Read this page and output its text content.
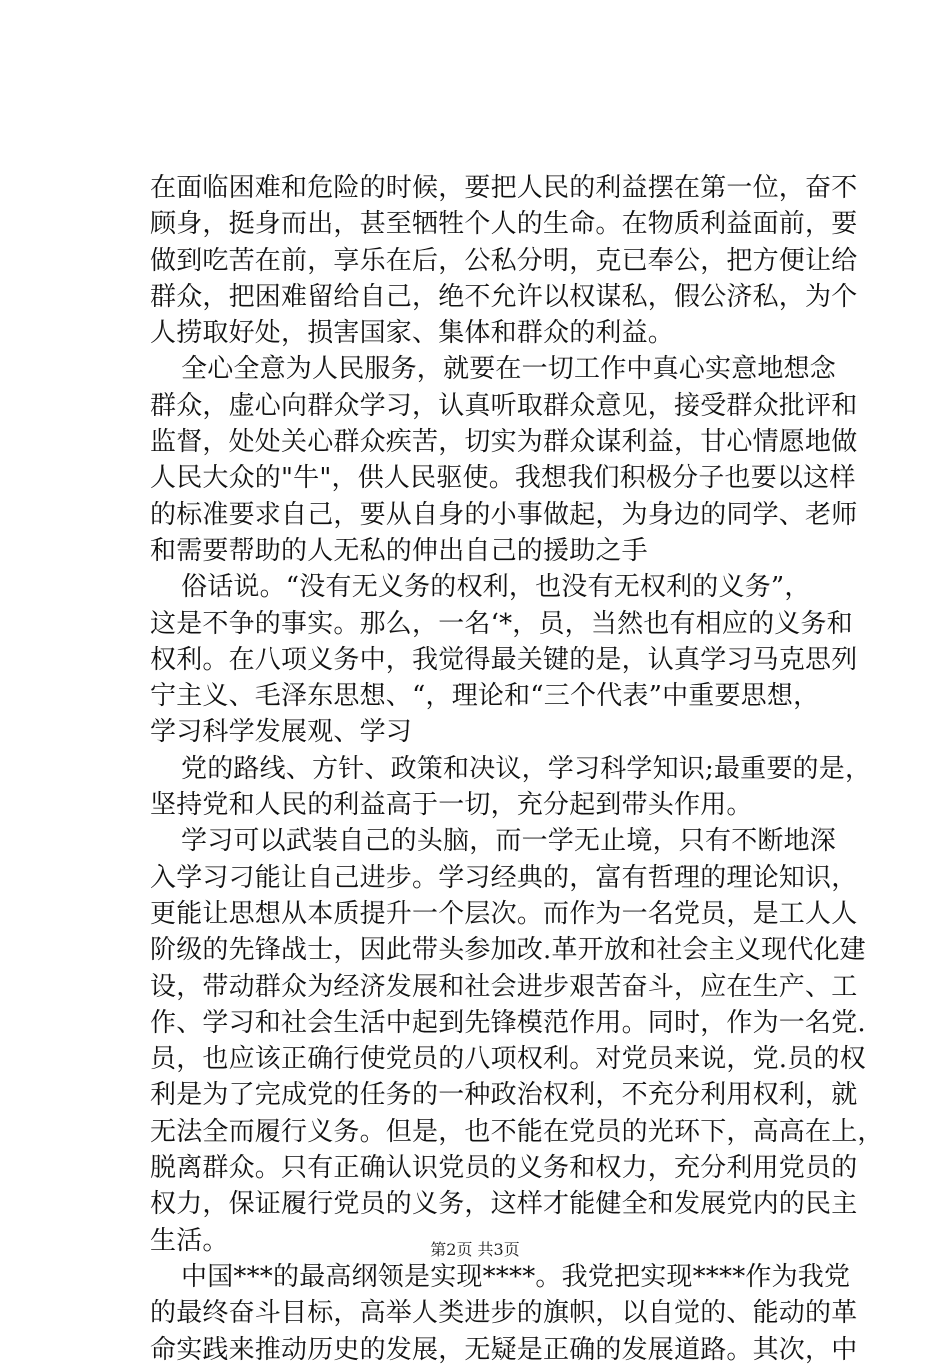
在面临困难和危险的时候，要把人民的利益摆在第一位，奋不
顾身，挺身而出，甚至牺牲个人的生命。在物质利益面前，要
做到吃苦在前，享乐在后，公私分明，克已奉公，把方便让给
群众，把困难留给自己，绝不允许以权谋私，假公济私，为个
人捞取好处，损害国家、集体和群众的利益。
全心全意为人民服务，就要在一切工作中真心实意地想念
群众，虚心向群众学习，认真听取群众意见，接受群众批评和
监督，处处关心群众疾苦，切实为群众谋利益，甘心情愿地做
人民大众的"牛"，供人民驱使。我想我们积极分子也要以这样
的标准要求自己，要从自身的小事做起，为身边的同学、老师
和需要帮助的人无私的伸出自己的援助之手
俗话说。“没有无义务的权利，也没有无权利的义务”，
这是不争的事实。那么，一名‘*，员，当然也有相应的义务和
权利。在八项义务中，我觉得最关键的是，认真学习马克思列
宁主义、毛泽东思想、“，理论和“三个代表”中重要思想，
学习科学发展观、学习
党的路线、方针、政策和决议，学习科学知识;最重要的是，
坚持党和人民的利益高于一切，充分起到带头作用。
学习可以武装自己的头脑，而一学无止境，只有不断地深
入学习刁能让自己进步。学习经典的，富有哲理的理论知识，
更能让思想从本质提升一个层次。而作为一名党员，是工人人
阶级的先锋战士，因此带头参加改.革开放和社会主义现代化建
设，带动群众为经济发展和社会进步艰苦奋斗，应在生产、工
作、学习和社会生活中起到先锋模范作用。同时，作为一名党.
员，也应该正确行使党员的八项权利。对党员来说，党.员的权
利是为了完成党的任务的一种政治权利，不充分利用权利，就
无法全而履行义务。但是，也不能在党员的光环下，高高在上，
脱离群众。只有正确认识党员的义务和权力，充分利用党员的
权力，保证履行党员的义务，这样才能健全和发展党内的民主
生活。
中国***的最高纲领是实现****。我党把实现****作为我党
的最终奋斗目标，高举人类进步的旗帜，以自觉的、能动的革
命实践来推动历史的发展，无疑是正确的发展道路。其次，中
第2页 共3页
